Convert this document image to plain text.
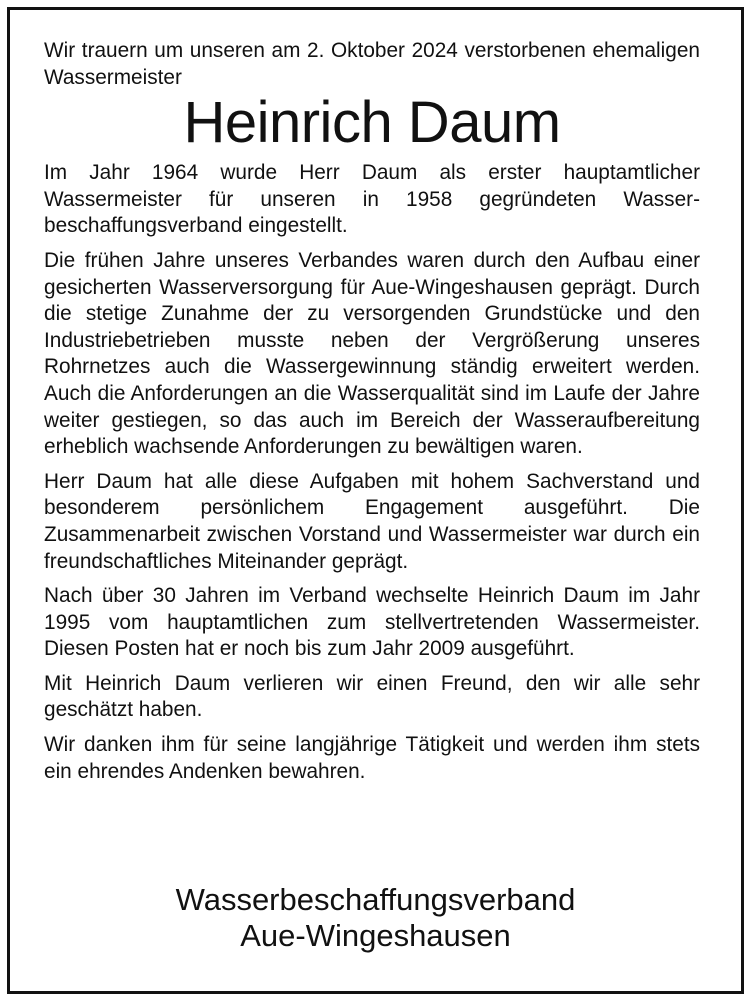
Wir trauern um unseren am 2. Oktober 2024 verstorbenen ehemaligen Wassermeister

Heinrich Daum

Im Jahr 1964 wurde Herr Daum als erster hauptamtlicher Wassermeister für unseren in 1958 gegründeten Wasserbeschaffungsverband eingestellt.

Die frühen Jahre unseres Verbandes waren durch den Aufbau einer gesicherten Wasserversorgung für Aue-Wingeshausen geprägt. Durch die stetige Zunahme der zu versorgenden Grundstücke und den Industriebetrieben musste neben der Vergrößerung unseres Rohrnetzes auch die Wassergewinnung ständig erweitert werden. Auch die Anforderungen an die Wasserqualität sind im Laufe der Jahre weiter gestiegen, so das auch im Bereich der Wasseraufbereitung erheblich wachsende Anforderungen zu bewältigen waren.

Herr Daum hat alle diese Aufgaben mit hohem Sachverstand und besonderem persönlichem Engagement ausgeführt. Die Zusammenarbeit zwischen Vorstand und Wassermeister war durch ein freundschaftliches Miteinander geprägt.

Nach über 30 Jahren im Verband wechselte Heinrich Daum im Jahr 1995 vom hauptamtlichen zum stellvertretenden Wassermeister. Diesen Posten hat er noch bis zum Jahr 2009 ausgeführt.

Mit Heinrich Daum verlieren wir einen Freund, den wir alle sehr geschätzt haben.

Wir danken ihm für seine langjährige Tätigkeit und werden ihm stets ein ehrendes Andenken bewahren.

Wasserbeschaffungsverband
Aue-Wingeshausen
